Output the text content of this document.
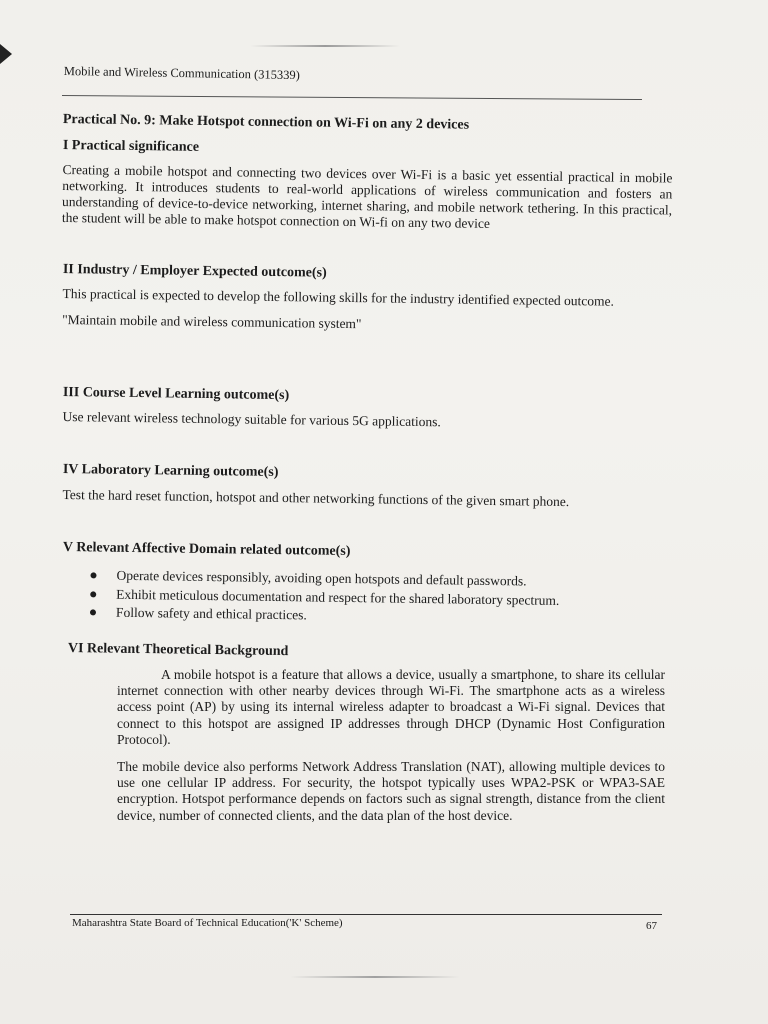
Mobile and Wireless Communication (315339)
Practical No. 9: Make Hotspot connection on Wi-Fi on any 2 devices
I Practical significance
Creating a mobile hotspot and connecting two devices over Wi-Fi is a basic yet essential practical in mobile networking. It introduces students to real-world applications of wireless communication and fosters an understanding of device-to-device networking, internet sharing, and mobile network tethering. In this practical, the student will be able to make hotspot connection on Wi-fi on any two device
II Industry / Employer Expected outcome(s)
This practical is expected to develop the following skills for the industry identified expected outcome.
"Maintain mobile and wireless communication system"
III Course Level Learning outcome(s)
Use relevant wireless technology suitable for various 5G applications.
IV Laboratory Learning outcome(s)
Test the hard reset function, hotspot and other networking functions of the given smart phone.
V Relevant Affective Domain related outcome(s)
Operate devices responsibly, avoiding open hotspots and default passwords.
Exhibit meticulous documentation and respect for the shared laboratory spectrum.
Follow safety and ethical practices.
VI Relevant Theoretical Background
A mobile hotspot is a feature that allows a device, usually a smartphone, to share its cellular internet connection with other nearby devices through Wi-Fi. The smartphone acts as a wireless access point (AP) by using its internal wireless adapter to broadcast a Wi-Fi signal. Devices that connect to this hotspot are assigned IP addresses through DHCP (Dynamic Host Configuration Protocol).
The mobile device also performs Network Address Translation (NAT), allowing multiple devices to use one cellular IP address. For security, the hotspot typically uses WPA2-PSK or WPA3-SAE encryption. Hotspot performance depends on factors such as signal strength, distance from the client device, number of connected clients, and the data plan of the host device.
Maharashtra State Board of Technical Education('K' Scheme)	67
